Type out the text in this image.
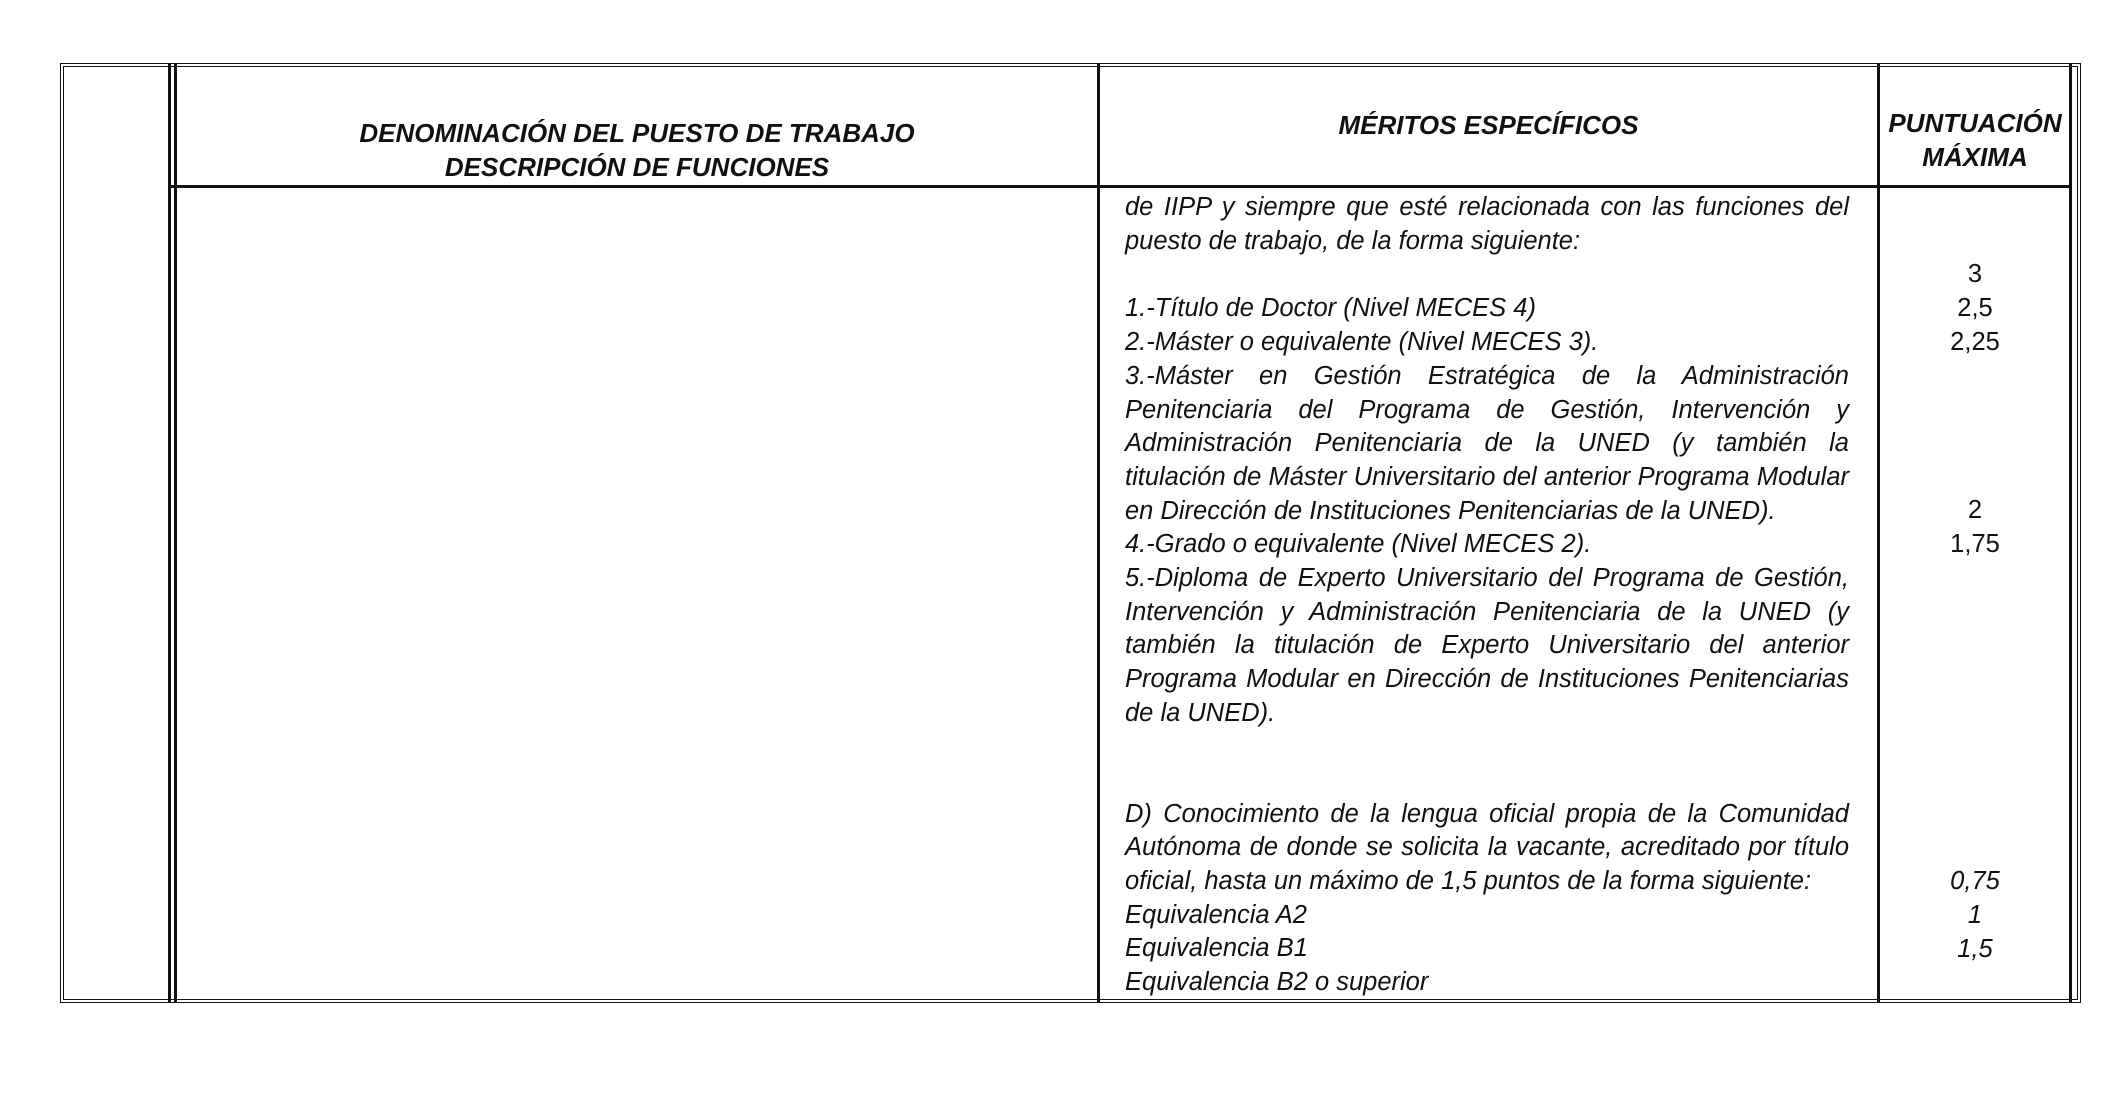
DENOMINACIÓN DEL PUESTO DE TRABAJO
DESCRIPCIÓN DE FUNCIONES
MÉRITOS ESPECÍFICOS	PUNTUACIÓN
MÁXIMA

de IIPP y siempre que esté relacionada con las funciones del puesto de trabajo, de la forma siguiente:

1.-Título de Doctor (Nivel MECES 4)

2.-Máster o equivalente (Nivel MECES 3).

3.-Máster en Gestión Estratégica de la Administración Penitenciaria del Programa de Gestión, Intervención y Administración Penitenciaria de la UNED (y también la titulación de Máster Universitario del anterior Programa Modular en Dirección de Instituciones Penitenciarias de la UNED).

4.-Grado o equivalente (Nivel MECES 2).

5.-Diploma de Experto Universitario del Programa de Gestión, Intervención y Administración Penitenciaria de la UNED (y también la titulación de Experto Universitario del anterior Programa Modular en Dirección de Instituciones Penitenciarias de la UNED).

D) Conocimiento de la lengua oficial propia de la Comunidad Autónoma de donde se solicita la vacante, acreditado por título oficial, hasta un máximo de 1,5 puntos de la forma siguiente:

Equivalencia A2

Equivalencia B1

Equivalencia B2 o superior

3
2,5
2,25
2
1,75
0,75
1
1,5
